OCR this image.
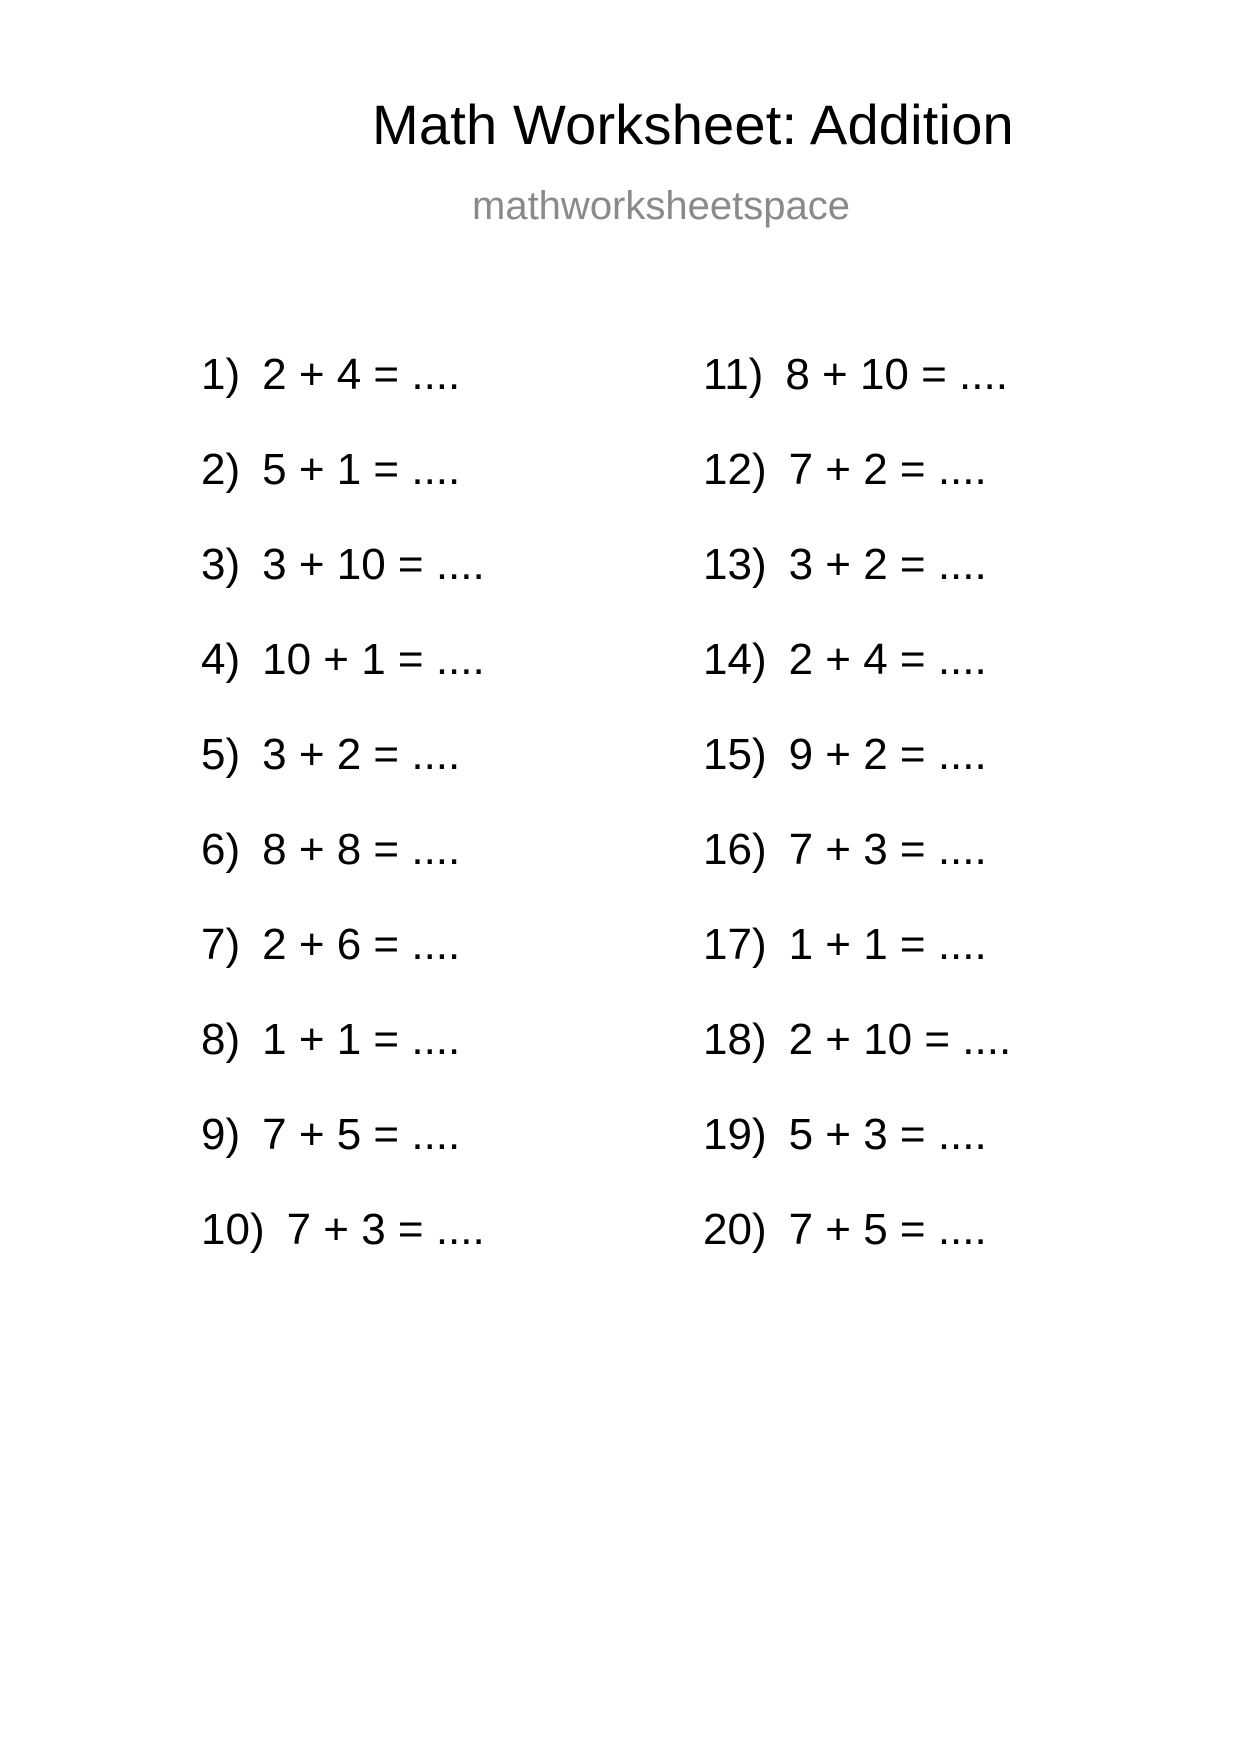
Math Worksheet: Addition
mathworksheetspace
1) 2 + 4 = ....
2) 5 + 1 = ....
3) 3 + 10 = ....
4) 10 + 1 = ....
5) 3 + 2 = ....
6) 8 + 8 = ....
7) 2 + 6 = ....
8) 1 + 1 = ....
9) 7 + 5 = ....
10) 7 + 3 = ....
11) 8 + 10 = ....
12) 7 + 2 = ....
13) 3 + 2 = ....
14) 2 + 4 = ....
15) 9 + 2 = ....
16) 7 + 3 = ....
17) 1 + 1 = ....
18) 2 + 10 = ....
19) 5 + 3 = ....
20) 7 + 5 = ....
